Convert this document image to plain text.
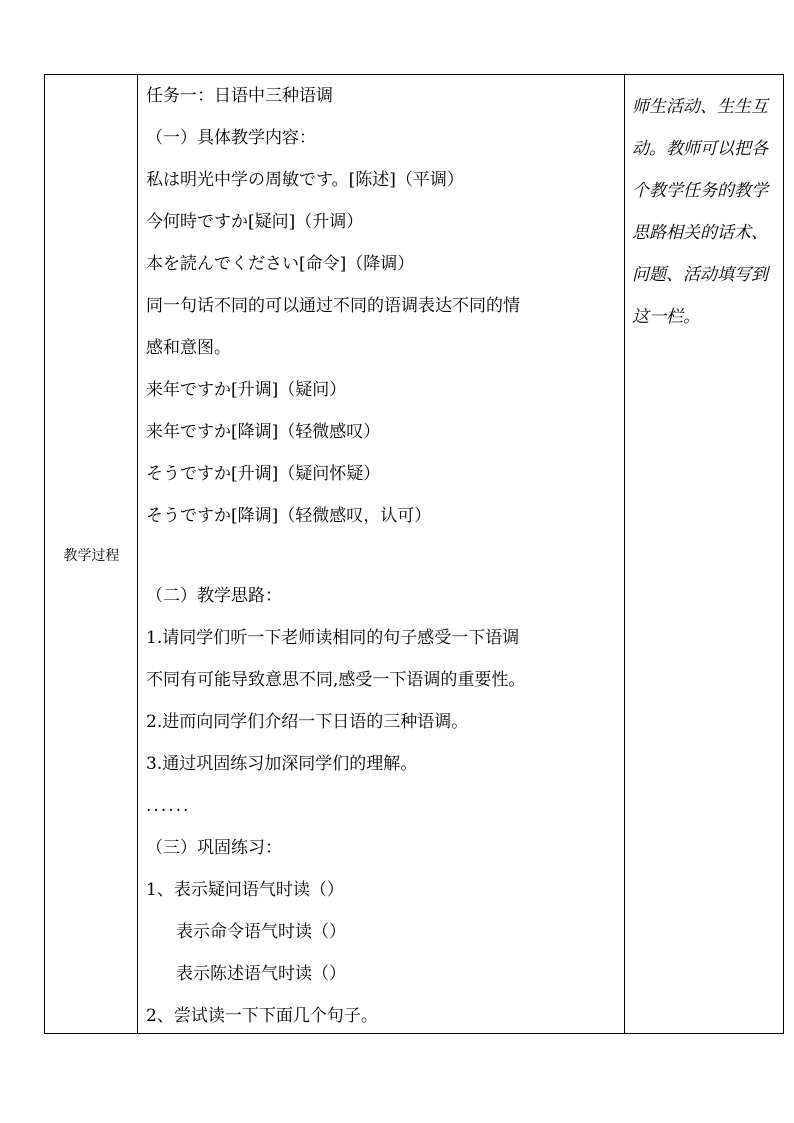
教学过程
任务一：日语中三种语调
（一）具体教学内容：
私は明光中学の周敏です。[陈述]（平调）
今何時ですか[疑问]（升调）
本を読んでください[命令]（降调）
同一句话不同的可以通过不同的语调表达不同的情
感和意图。
来年ですか[升调]（疑问）
来年ですか[降调]（轻微感叹）
そうですか[升调]（疑问怀疑）
そうですか[降调]（轻微感叹，认可）
（二）教学思路：
1.请同学们听一下老师读相同的句子感受一下语调
不同有可能导致意思不同,感受一下语调的重要性。
2.进而向同学们介绍一下日语的三种语调。
3.通过巩固练习加深同学们的理解。
......
（三）巩固练习：
1、表示疑问语气时读（）
表示命令语气时读（）
表示陈述语气时读（）
2、尝试读一下下面几个句子。
师生活动、生生互动。教师可以把各个教学任务的教学思路相关的话术、问题、活动填写到这一栏。
